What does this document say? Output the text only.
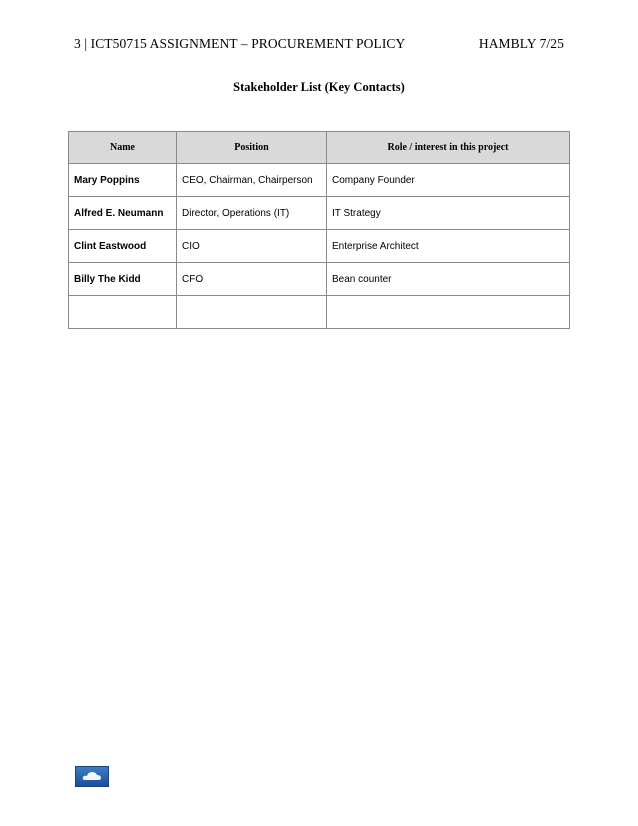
3 | ICT50715 ASSIGNMENT – PROCUREMENT POLICY	HAMBLY 7/25
Stakeholder List (Key Contacts)
Name	Position	Role / interest in this project
Mary Poppins	CEO, Chairman, Chairperson	Company Founder
Alfred E. Neumann	Director, Operations (IT)	IT Strategy
Clint Eastwood	CIO	Enterprise Architect
Billy The Kidd	CFO	Bean counter
